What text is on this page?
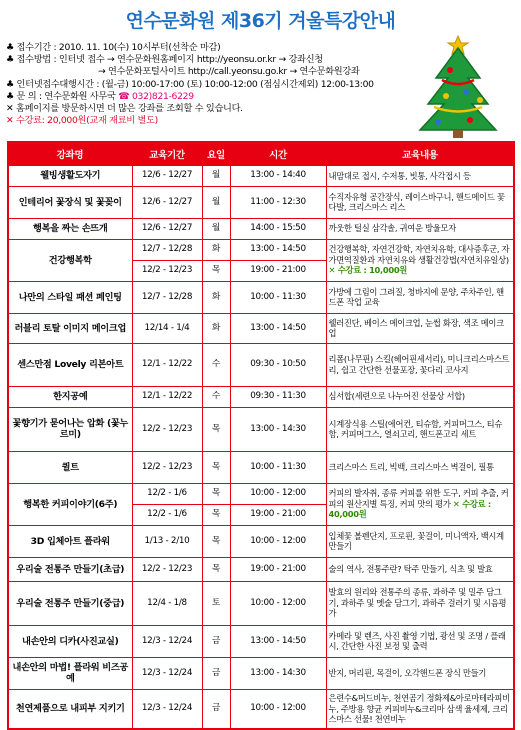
연수문화원 제36기 겨울특강안내
♣ 접수기간 : 2010. 11. 10(수) 10시부터(선착순 마감)
♣ 접수방법 : 인터넷 접수 → 연수문화원홈페이지 http://yeonsu.or.kr → 강좌신청
→ 연수문화포털사이트 http://call.yeonsu.go.kr → 연수문화원강좌
♣ 인터넷접수대행시간 : (월-금) 10:00-17:00 (토) 10:00-12:00 (점심시간제외) 12:00-13:00
♣ 문 의 : 연수문화원 사무국 ☎ 032)821-6229
✕ 홈페이지를 방문하시면 더 많은 강좌를 조회할 수 있습니다.
✕ 수강료: 20,000원(교재 재료비 별도)
강좌명	교육기간	요일	시간	교육내용
웰빙생활도자기	12/6 - 12/27	월	13:00 - 14:40	내맘대로 접시, 수저통, 빗통, 사각접시 등
인테리어 꽃장식 및 꽃꽂이	12/6 - 12/27	월	11:00 - 12:30	수직자유형 공간장식, 레이스바구니, 핸드메이드 꽃다발, 크리스마스 리스
행복을 짜는 손뜨개	12/6 - 12/27	월	14:00 - 15:50	까웃한 털실 삼각솔, 귀여운 방울모자
건강행복학	12/7 - 12/28	화	13:00 - 14:50	건강행복학, 자연건강학, 자연치유학, 대사증후군, 자가면역질환과 자연치유와 생활건강법(자연치유일상) ✕ 수강료 : 10,000원
	12/2 - 12/23	목	19:00 - 21:00	
나만의 스타일 패션 페인팅	12/7 - 12/28	화	10:00 - 11:30	가방에 그림이 그려질, 청바지에 문양, 주차주인, 핸드폰 작업 교육
러블리 토탈 이미지 메이크업	12/14 - 1/4	화	13:00 - 14:50	웰러진단, 베이스 메이크업, 눈썹 화장, 색조 메이크업
센스만점 Lovely 리본아트	12/1 - 12/22	수	09:30 - 10:50	리폼(나무핀) 스킬(헤어핀세서리), 미니크리스마스트리, 쉽고 간단한 선물포장, 꽃다리 코사지
한지공예	12/1 - 12/22	수	09:30 - 11:30	심서합(세련으로 나누어진 선물상 서합)
꽃향기가 묻어나는 압화 (꽃누르미)	12/2 - 12/23	목	13:00 - 14:30	시계장식용 스틸(에어컨, 티슈함, 커피머그스, 티슈함, 커피머그스, 열쇠고리, 핸드폰고리 세트
퀼트	12/2 - 12/23	목	10:00 - 11:30	크리스마스 트리, 빅백, 크리스마스 벽걸이, 필통
행복한 커피이야기(6주)	12/2 - 1/6	목	10:00 - 12:00	커피의 발자취, 종류 커피를 위한 도구, 커피 추출, 커피의 원산지별 특징, 커피 맛의 평가 ✕ 수강료 : 40,000원
	12/2 - 1/6	목	19:00 - 21:00	
3D 입체아트 플라워	1/13 - 2/10	목	10:00 - 12:00	입체꽃 볼펜단지, 프로핀, 꽃걸이, 미니액자, 백시계 만들기
우리술 전통주 만들기(초급)	12/2 - 12/23	목	19:00 - 21:00	술의 역사, 전통주란? 탁주 만들기, 식초 및 발효
우리술 전통주 만들기(중급)	12/4 - 1/8	토	10:00 - 12:00	발효의 원리와 전통주의 종류, 과하주 및 밀주 담그기, 과하주 및 멧술 담그기, 과하주 걸러기 및 시음평가
내손안의 디카(사진교실)	12/3 - 12/24	금	13:00 - 14:50	카메라 및 렌즈, 사진 촬영 기법, 광선 및 조명 / 플래시, 간단한 사진 보정 및 출력
내손안의 마법! 플라워 비즈공예	12/3 - 12/24	금	13:00 - 14:30	반지, 머리핀, 목걸이, 오각핸드폰 장식 만들기
천연제품으로 내피부 지키기	12/3 - 12/24	금	10:00 - 12:00	은련수&머드비누, 천연곰기 정화제&아로마테라피비누, 주방용 향균 커피비누&크리마 삼색 율세제, 크리스마스 선물! 천연비누
